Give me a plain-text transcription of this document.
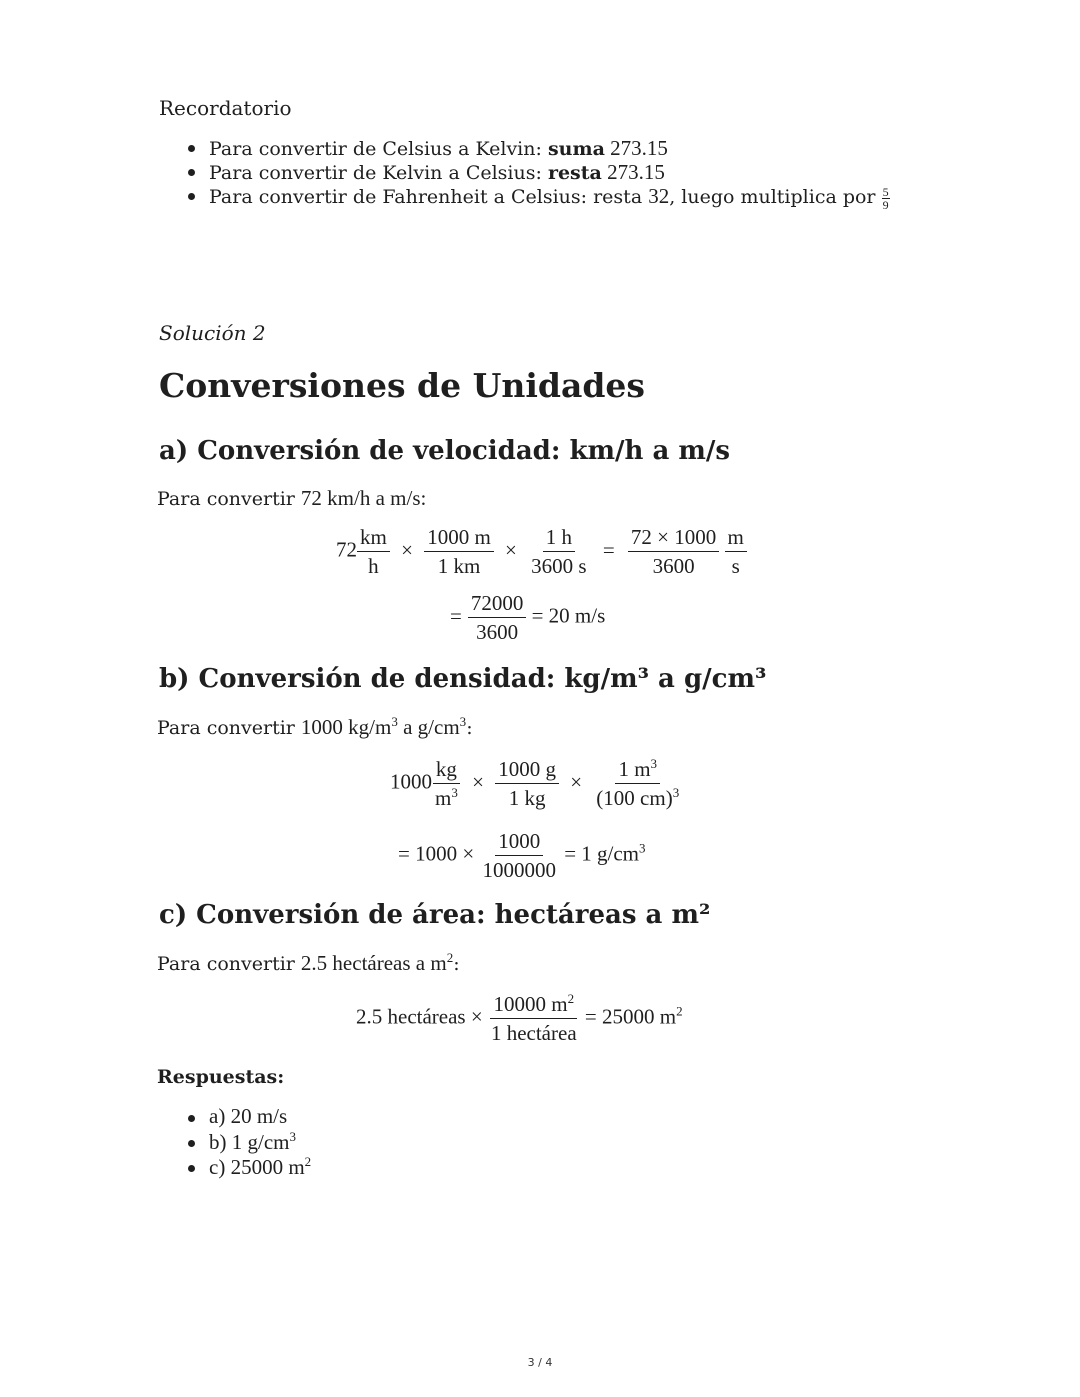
Recordatorio
Para convertir de Celsius a Kelvin: suma 273.15
Para convertir de Kelvin a Celsius: resta 273.15
Para convertir de Fahrenheit a Celsius: resta 32, luego multiplica por $\frac{5}{9}$
Solución 2
Conversiones de Unidades
a) Conversión de velocidad: km/h a m/s
Para convertir 72 km/h a m/s:
$72 \frac{km}{h} \times \frac{1000 m}{1 km} \times \frac{1 h}{3600 s} = \frac{72 \times 1000}{3600}$
$\frac{m}{s}$
= $\frac{72000}{3600} = 20$ m/s
b) Conversión de densidad: kg/m³ a g/cm³
Para convertir 1000 $kg/m^3$ a $g/cm^3$:
$1000 \frac{kg}{m^3} \times \frac{1000 g}{1 kg} \times \frac{1 m^3}{(100 cm)^3}$
= $1000 \times \frac{1000}{1000000} = 1$ $g/cm^3$
c) Conversión de área: hectáreas a m²
Para convertir 2.5 hectáreas a $m^2$:
2.5 hectáreas × $\frac{10000 m^2}{\text{1 hectárea}} = 25000$ $m^2$
Respuestas:
a) 20 m/s
b) 1 $g/cm^3$
c) 25000 $m^2$
3 / 4
